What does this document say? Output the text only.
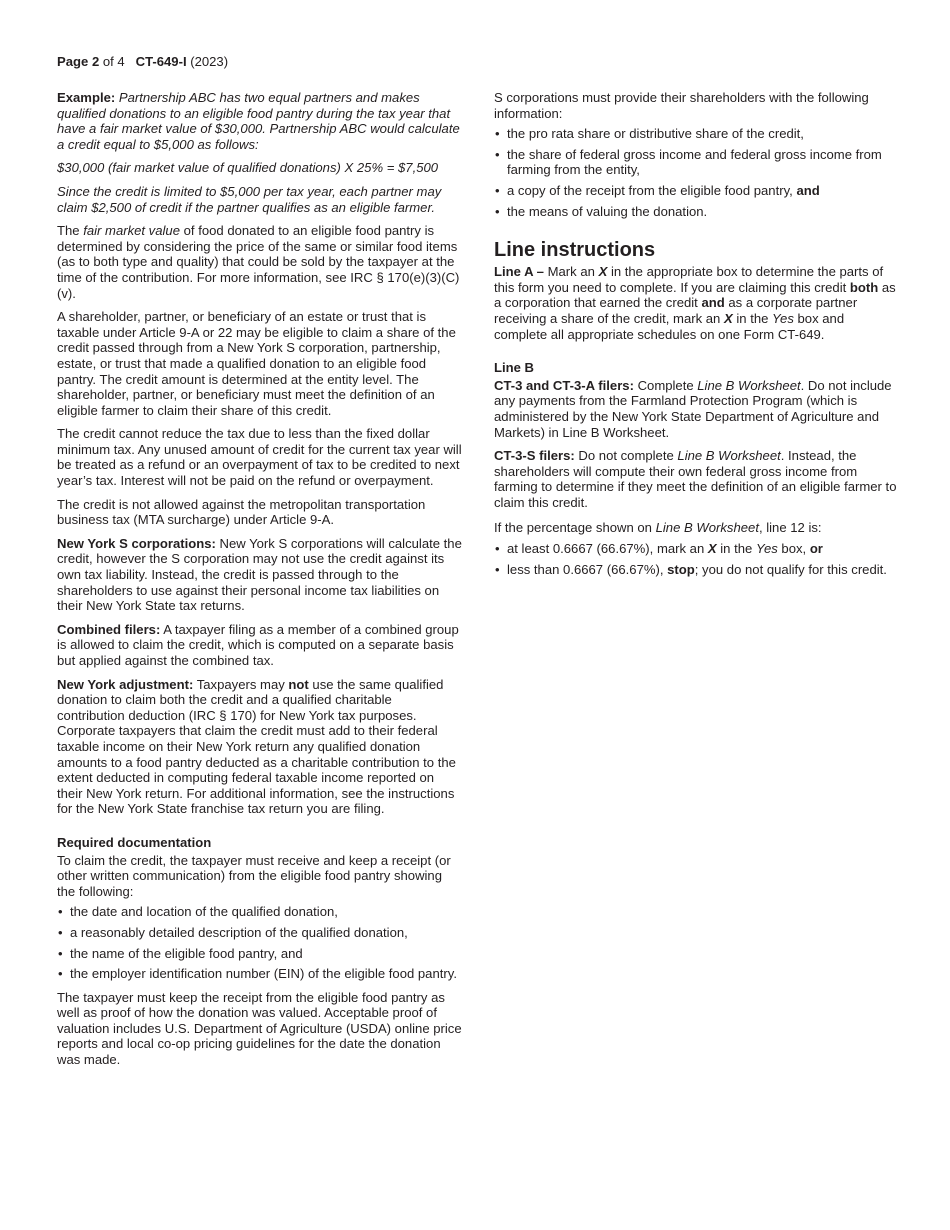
Page 2 of 4 CT-649-I (2023)

Example: Partnership ABC has two equal partners and makes qualified donations to an eligible food pantry during the tax year that have a fair market value of $30,000. Partnership ABC would calculate a credit equal to $5,000 as follows:

$30,000 (fair market value of qualified donations) X 25% = $7,500

Since the credit is limited to $5,000 per tax year, each partner may claim $2,500 of credit if the partner qualifies as an eligible farmer.

The fair market value of food donated to an eligible food pantry is determined by considering the price of the same or similar food items (as to both type and quality) that could be sold by the taxpayer at the time of the contribution. For more information, see IRC § 170(e)(3)(C)(v).

A shareholder, partner, or beneficiary of an estate or trust that is taxable under Article 9-A or 22 may be eligible to claim a share of the credit passed through from a New York S corporation, partnership, estate, or trust that made a qualified donation to an eligible food pantry. The credit amount is determined at the entity level. The shareholder, partner, or beneficiary must meet the definition of an eligible farmer to claim their share of this credit.

The credit cannot reduce the tax due to less than the fixed dollar minimum tax. Any unused amount of credit for the current tax year will be treated as a refund or an overpayment of tax to be credited to next year’s tax. Interest will not be paid on the refund or overpayment.

The credit is not allowed against the metropolitan transportation business tax (MTA surcharge) under Article 9-A.

New York S corporations: New York S corporations will calculate the credit, however the S corporation may not use the credit against its own tax liability. Instead, the credit is passed through to the shareholders to use against their personal income tax liabilities on their New York State tax returns.

Combined filers: A taxpayer filing as a member of a combined group is allowed to claim the credit, which is computed on a separate basis but applied against the combined tax.

New York adjustment: Taxpayers may not use the same qualified donation to claim both the credit and a qualified charitable contribution deduction (IRC § 170) for New York tax purposes. Corporate taxpayers that claim the credit must add to their federal taxable income on their New York return any qualified donation amounts to a food pantry deducted as a charitable contribution to the extent deducted in computing federal taxable income reported on their New York return. For additional information, see the instructions for the New York State franchise tax return you are filing.

Required documentation

To claim the credit, the taxpayer must receive and keep a receipt (or other written communication) from the eligible food pantry showing the following:

• the date and location of the qualified donation,
• a reasonably detailed description of the qualified donation,
• the name of the eligible food pantry, and
• the employer identification number (EIN) of the eligible food pantry.

The taxpayer must keep the receipt from the eligible food pantry as well as proof of how the donation was valued. Acceptable proof of valuation includes U.S. Department of Agriculture (USDA) online price reports and local co-op pricing guidelines for the date the donation was made.

S corporations must provide their shareholders with the following information:

• the pro rata share or distributive share of the credit,
• the share of federal gross income and federal gross income from farming from the entity,
• a copy of the receipt from the eligible food pantry, and
• the means of valuing the donation.
Line instructions

Line A – Mark an X in the appropriate box to determine the parts of this form you need to complete. If you are claiming this credit both as a corporation that earned the credit and as a corporate partner receiving a share of the credit, mark an X in the Yes box and complete all appropriate schedules on one Form CT-649.

Line B

CT-3 and CT-3-A filers: Complete Line B Worksheet. Do not include any payments from the Farmland Protection Program (which is administered by the New York State Department of Agriculture and Markets) in Line B Worksheet.

CT-3-S filers: Do not complete Line B Worksheet. Instead, the shareholders will compute their own federal gross income from farming to determine if they meet the definition of an eligible farmer to claim this credit.

If the percentage shown on Line B Worksheet, line 12 is:

• at least 0.6667 (66.67%), mark an X in the Yes box, or
• less than 0.6667 (66.67%), stop; you do not qualify for this credit.
